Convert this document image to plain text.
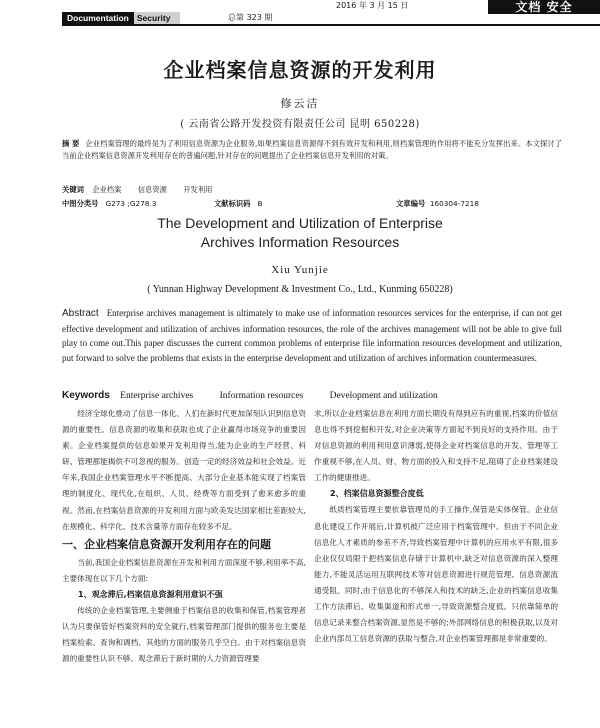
Documentation Security	总第 323 期
2016 年 3 月 15 日	文档 安全
企业档案信息资源的开发利用
修云洁
( 云南省公路开发投资有限责任公司 昆明 650228)
摘 要 企业档案管理的最终是为了利用信息资源为企业服务,如果档案信息资源得不到有效开发和利用,则档案管理的作用将不能充分发挥出来。本文探讨了当前企业档案信息资源开发利用存在的普遍问题,针对存在的问题提出了企业档案信息开发利用的对策。
关键词 企业档案 信息资源 开发利用
中图分类号 G273 ;G278.3	文献标识码 B	文章编号 160304-7218
The Development and Utilization of Enterprise
Archives Information Resources
Xiu Yunjie
( Yunnan Highway Development & Investment Co., Ltd., Kunming 650228)
Abstract Enterprise archives management is ultimately to make use of information resources services for the enterprise, if can not get effective development and utilization of archives information resources, the role of the archives management will not be able to give full play to come out.This paper discusses the current common problems of enterprise file information resources development and utilization, put forward to solve the problems that exists in the enterprise development and utilization of archives information countermeasures.
Keywords Enterprise archives	Information resources	Development and utilization

经济全球化推动了信息一体化、人们在新时代更加深刻认识到信息资源的重要性。信息资源的收集和获取也成了企业赢得市场竞争的重要因素。企业档案提供的信息如果开发利用得当,能为企业的生产经营、科研、管理都能揭供不可忽视的服务。创造一定的经济效益和社会效益。近年来,我国企业档案管理水平不断提高、大部分企业基本能实现了档案管理的制度化、现代化,在组织、人员、经费等方面受到了愈来愈多的重视。然而,在档案信息资源的开发利用方面与欧美发达国家相比差距较大,在规模化、科学化、技术含量等方面存在较多不足。

一、企业档案信息资源开发利用存在的问题

当前,我国企业档案信息资源在开发和利用方面深度不够,利用率不高,主要体现在以下几个方面:

1、观念滞后,档案信息资源利用意识不强

传统的企业档案管理,主要侧重于档案信息的收集和保管,档案管理者认为只要保管好档案资料的安全就行,档案管理部门提供的服务也主要是档案检索、查询和调档、其他的方面的服务几乎空白。由于对档案信息资源的重要性认识不够、观念滞后于新时期的人力资源管理要

求,所以企业档案信息在利用方面长期没有得到应有的重视,档案的价值信息也得不到挖掘和开发,对企业决策等方面起不到良好的支持作用。由于对信息资源的利用利用意识薄弱,使得企业对档案信息的开发、管理等工作重视不够,在人员、财、物方面的投入和支持不足,阻碍了企业档案建设工作的健康推进。

2、档案信息资源整合度低

纸质档案管理主要依靠管理员的手工操作,保管是实体保管。企业信息化建设工作开展后,计算机被广泛应用于档案管理中。但由于不同企业信息化人才素质的参差不齐,导致档案管理中计算机的应用水平有限,很多企业仅仅局限于把档案信息存储于计算机中,缺乏对信息资源的深入整理能力,不能灵活运用互联网技术等对信息资源进行规范管理、信息资源流通受阻。同时,由于信息化的不够深入和技术的缺乏,企业的档案信息收集工作方法滞后、收集渠道和形式单一,导致资源整合度低。只依靠简单的信息记录来整合档案资源,显然是不够的;外部网络信息的积极获取,以及对企业内部员工信息资源的获取与整合,对企业档案管理都是非常重要的。
